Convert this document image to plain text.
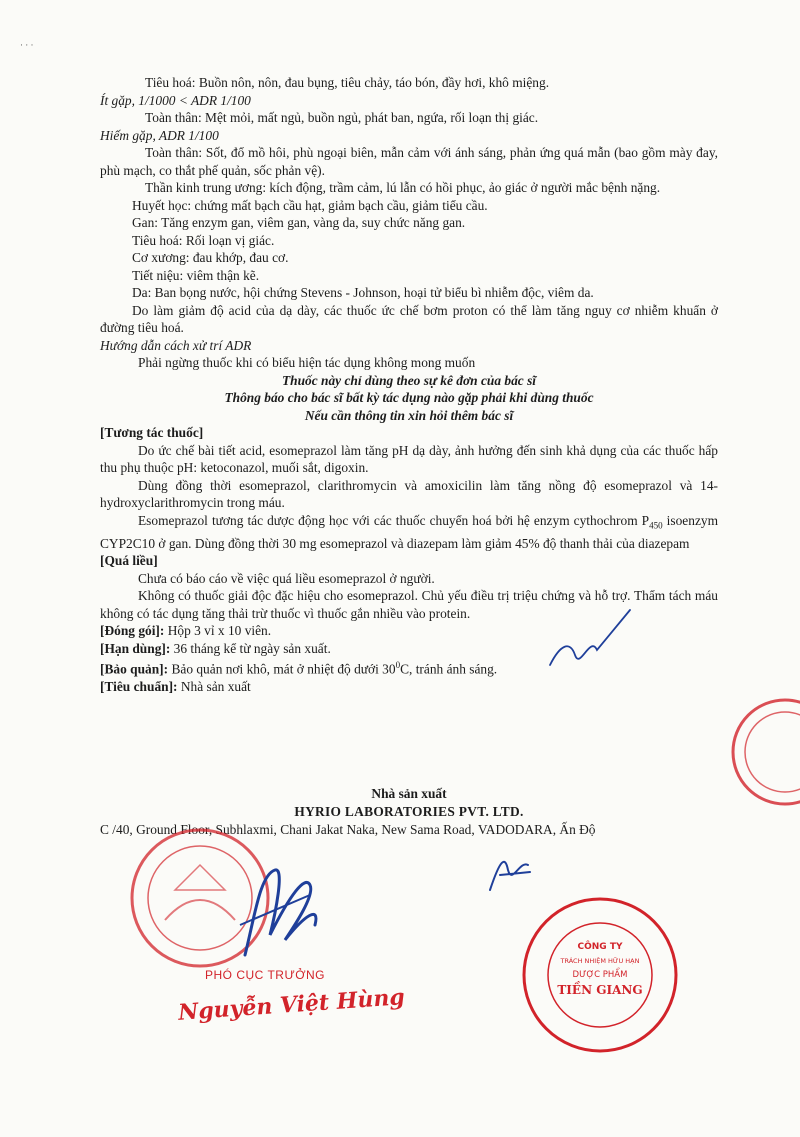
· · ·

Tiêu hoá: Buồn nôn, nôn, đau bụng, tiêu chảy, táo bón, đầy hơi, khô miệng.

Ít gặp, 1/1000 < ADR 1/100

Toàn thân: Mệt mỏi, mất ngủ, buồn ngủ, phát ban, ngứa, rối loạn thị giác.

Hiếm gặp, ADR 1/100

Toàn thân: Sốt, đổ mồ hôi, phù ngoại biên, mẫn cảm với ánh sáng, phản ứng quá mẫn (bao gồm mày đay, phù mạch, co thắt phế quản, sốc phản vệ).

Thần kinh trung ương: kích động, trầm cảm, lú lẫn có hồi phục, ảo giác ở người mắc bệnh nặng.

Huyết học: chứng mất bạch cầu hạt, giảm bạch cầu, giảm tiểu cầu.

Gan: Tăng enzym gan, viêm gan, vàng da, suy chức năng gan.

Tiêu hoá: Rối loạn vị giác.

Cơ xương: đau khớp, đau cơ.

Tiết niệu: viêm thận kẽ.

Da: Ban bọng nước, hội chứng Stevens - Johnson, hoại tử biểu bì nhiễm độc, viêm da.

Do làm giảm độ acid của dạ dày, các thuốc ức chế bơm proton có thể làm tăng nguy cơ nhiễm khuẩn ở đường tiêu hoá.

Hướng dẫn cách xử trí ADR

Phải ngừng thuốc khi có biểu hiện tác dụng không mong muốn

Thuốc này chỉ dùng theo sự kê đơn của bác sĩ

Thông báo cho bác sĩ bất kỳ tác dụng nào gặp phải khi dùng thuốc

Nếu cần thông tin xin hỏi thêm bác sĩ

[Tương tác thuốc]

Do ức chế bài tiết acid, esomeprazol làm tăng pH dạ dày, ảnh hưởng đến sinh khả dụng của các thuốc hấp thu phụ thuộc pH: ketoconazol, muối sắt, digoxin.

Dùng đồng thời esomeprazol, clarithromycin và amoxicilin làm tăng nồng độ esomeprazol và 14- hydroxyclarithromycin trong máu.

Esomeprazol tương tác dược động học với các thuốc chuyển hoá bởi hệ enzym cythochrom $P_{450}$ isoenzym CYP2C10 ở gan. Dùng đồng thời 30 mg esomeprazol và diazepam làm giảm 45% độ thanh thải của diazepam

[Quá liều]

Chưa có báo cáo về việc quá liều esomeprazol ở người.

Không có thuốc giải độc đặc hiệu cho esomeprazol. Chủ yếu điều trị triệu chứng và hỗ trợ. Thẩm tách máu không có tác dụng tăng thải trừ thuốc vì thuốc gắn nhiều vào protein.

[Đóng gói]: Hộp 3 vỉ x 10 viên.

[Hạn dùng]: 36 tháng kể từ ngày sản xuất.

[Bảo quản]: Bảo quản nơi khô, mát ở nhiệt độ dưới $30^0C$, tránh ánh sáng.

[Tiêu chuẩn]: Nhà sản xuất

Nhà sản xuất
HYRIO LABORATORIES PVT. LTD.
C /40, Ground Floor, Subhlaxmi, Chani Jakat Naka, New Sama Road, VADODARA, Ấn Độ
PHÓ CỤC TRƯỞNG
Nguyễn Việt Hùng
CÔNG TY
TRÁCH NHIỆM HỮU HẠN
DƯỢC PHẨM
TIỀN GIANG
